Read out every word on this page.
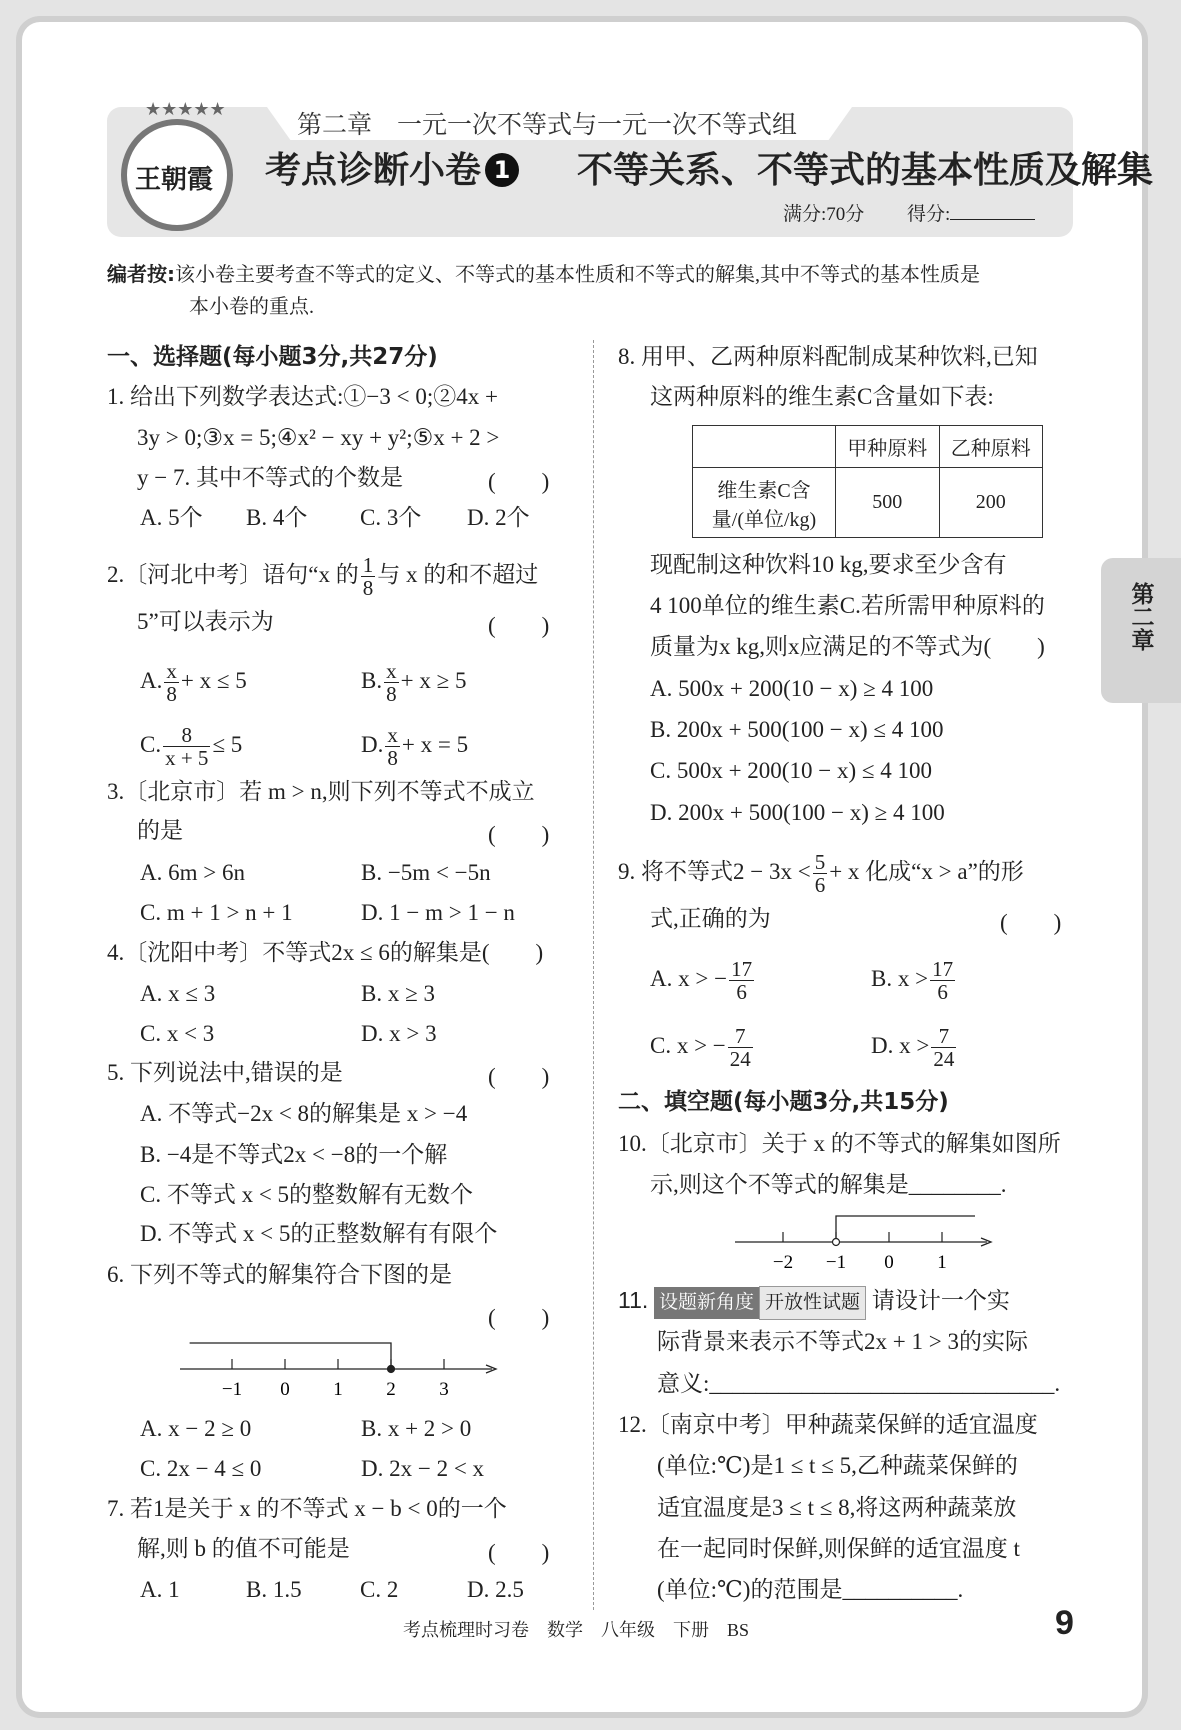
第二章　一元一次不等式与一元一次不等式组
★★★★★
王朝霞 考点诊断小卷 1 不等关系、不等式的基本性质及解集
满分:70分 得分:
编者按:该小卷主要考查不等式的定义、不等式的基本性质和不等式的解集,其中不等式的基本性质是
本小卷的重点.
第二章
一、选择题(每小题3分,共27分)
1. 给出下列数学表达式:①−3 < 0;②4x +
3y > 0;③x = 5;④x² − xy + y²;⑤x + 2 >
y − 7. 其中不等式的个数是	(　　)
A. 5个 B. 4个 C. 3个 D. 2个
2.〔河北中考〕语句“x 的 $\frac{1}{8}$ 与 x 的和不超过
5”可以表示为	(　　)
A. $\frac{x}{8} + x \le 5$	B. $\frac{x}{8} + x \ge 5$
C. $\frac{8}{x + 5} \le 5$	D. $\frac{x}{8} + x = 5$
3.〔北京市〕若 m > n,则下列不等式不成立
的是	(　　)
A. 6m > 6n	B. −5m < −5n
C. m + 1 > n + 1	D. 1 − m > 1 − n
4.〔沈阳中考〕不等式2x ≤ 6的解集是(　　)
A. x ≤ 3	B. x ≥ 3
C. x < 3	D. x > 3
5. 下列说法中,错误的是	(　　)
A. 不等式−2x < 8的解集是 x > −4
B. −4是不等式2x < −8的一个解
C. 不等式 x < 5的整数解有无数个
D. 不等式 x < 5的正整数解有有限个
6. 下列不等式的解集符合下图的是
(　　)
−1 0 1 2 3
A. x − 2 ≥ 0	B. x + 2 > 0
C. 2x − 4 ≤ 0	D. 2x − 2 < x
7. 若1是关于 x 的不等式 x − b < 0的一个
解,则 b 的值不可能是	(　　)
A. 1	B. 1.5	C. 2	D. 2.5
8. 用甲、乙两种原料配制成某种饮料,已知
这两种原料的维生素C含量如下表:
	甲种原料	乙种原料

维生素C含
量/(单位/kg)	500	200
现配制这种饮料10 kg,要求至少含有
4 100单位的维生素C.若所需甲种原料的
质量为x kg,则x应满足的不等式为(　　)
A. 500x + 200(10 − x) ≥ 4 100
B. 200x + 500(100 − x) ≤ 4 100
C. 500x + 200(10 − x) ≤ 4 100
D. 200x + 500(100 − x) ≥ 4 100
9. 将不等式$2 - 3x < \frac{5}{6} + x$ 化成“x > a”的形
式,正确的为	(　　)
A. x > − $\frac{17}{6}$	B. $x > \frac{17}{6}$
C. x > − $\frac{7}{24}$	D. $x > \frac{7}{24}$
二、填空题(每小题3分,共15分)
10.〔北京市〕关于 x 的不等式的解集如图所
示,则这个不等式的解集是________.
−2 −1 0 1
11. 设题新角度 开放性试题 请设计一个实
际背景来表示不等式2x + 1 > 3的实际
意义:______________________________.
12.〔南京中考〕甲种蔬菜保鲜的适宜温度
(单位:℃)是1 ≤ t ≤ 5,乙种蔬菜保鲜的
适宜温度是3 ≤ t ≤ 8,将这两种蔬菜放
在一起同时保鲜,则保鲜的适宜温度 t
(单位:℃)的范围是__________.
考点梳理时习卷　数学　八年级　下册　BS	9
